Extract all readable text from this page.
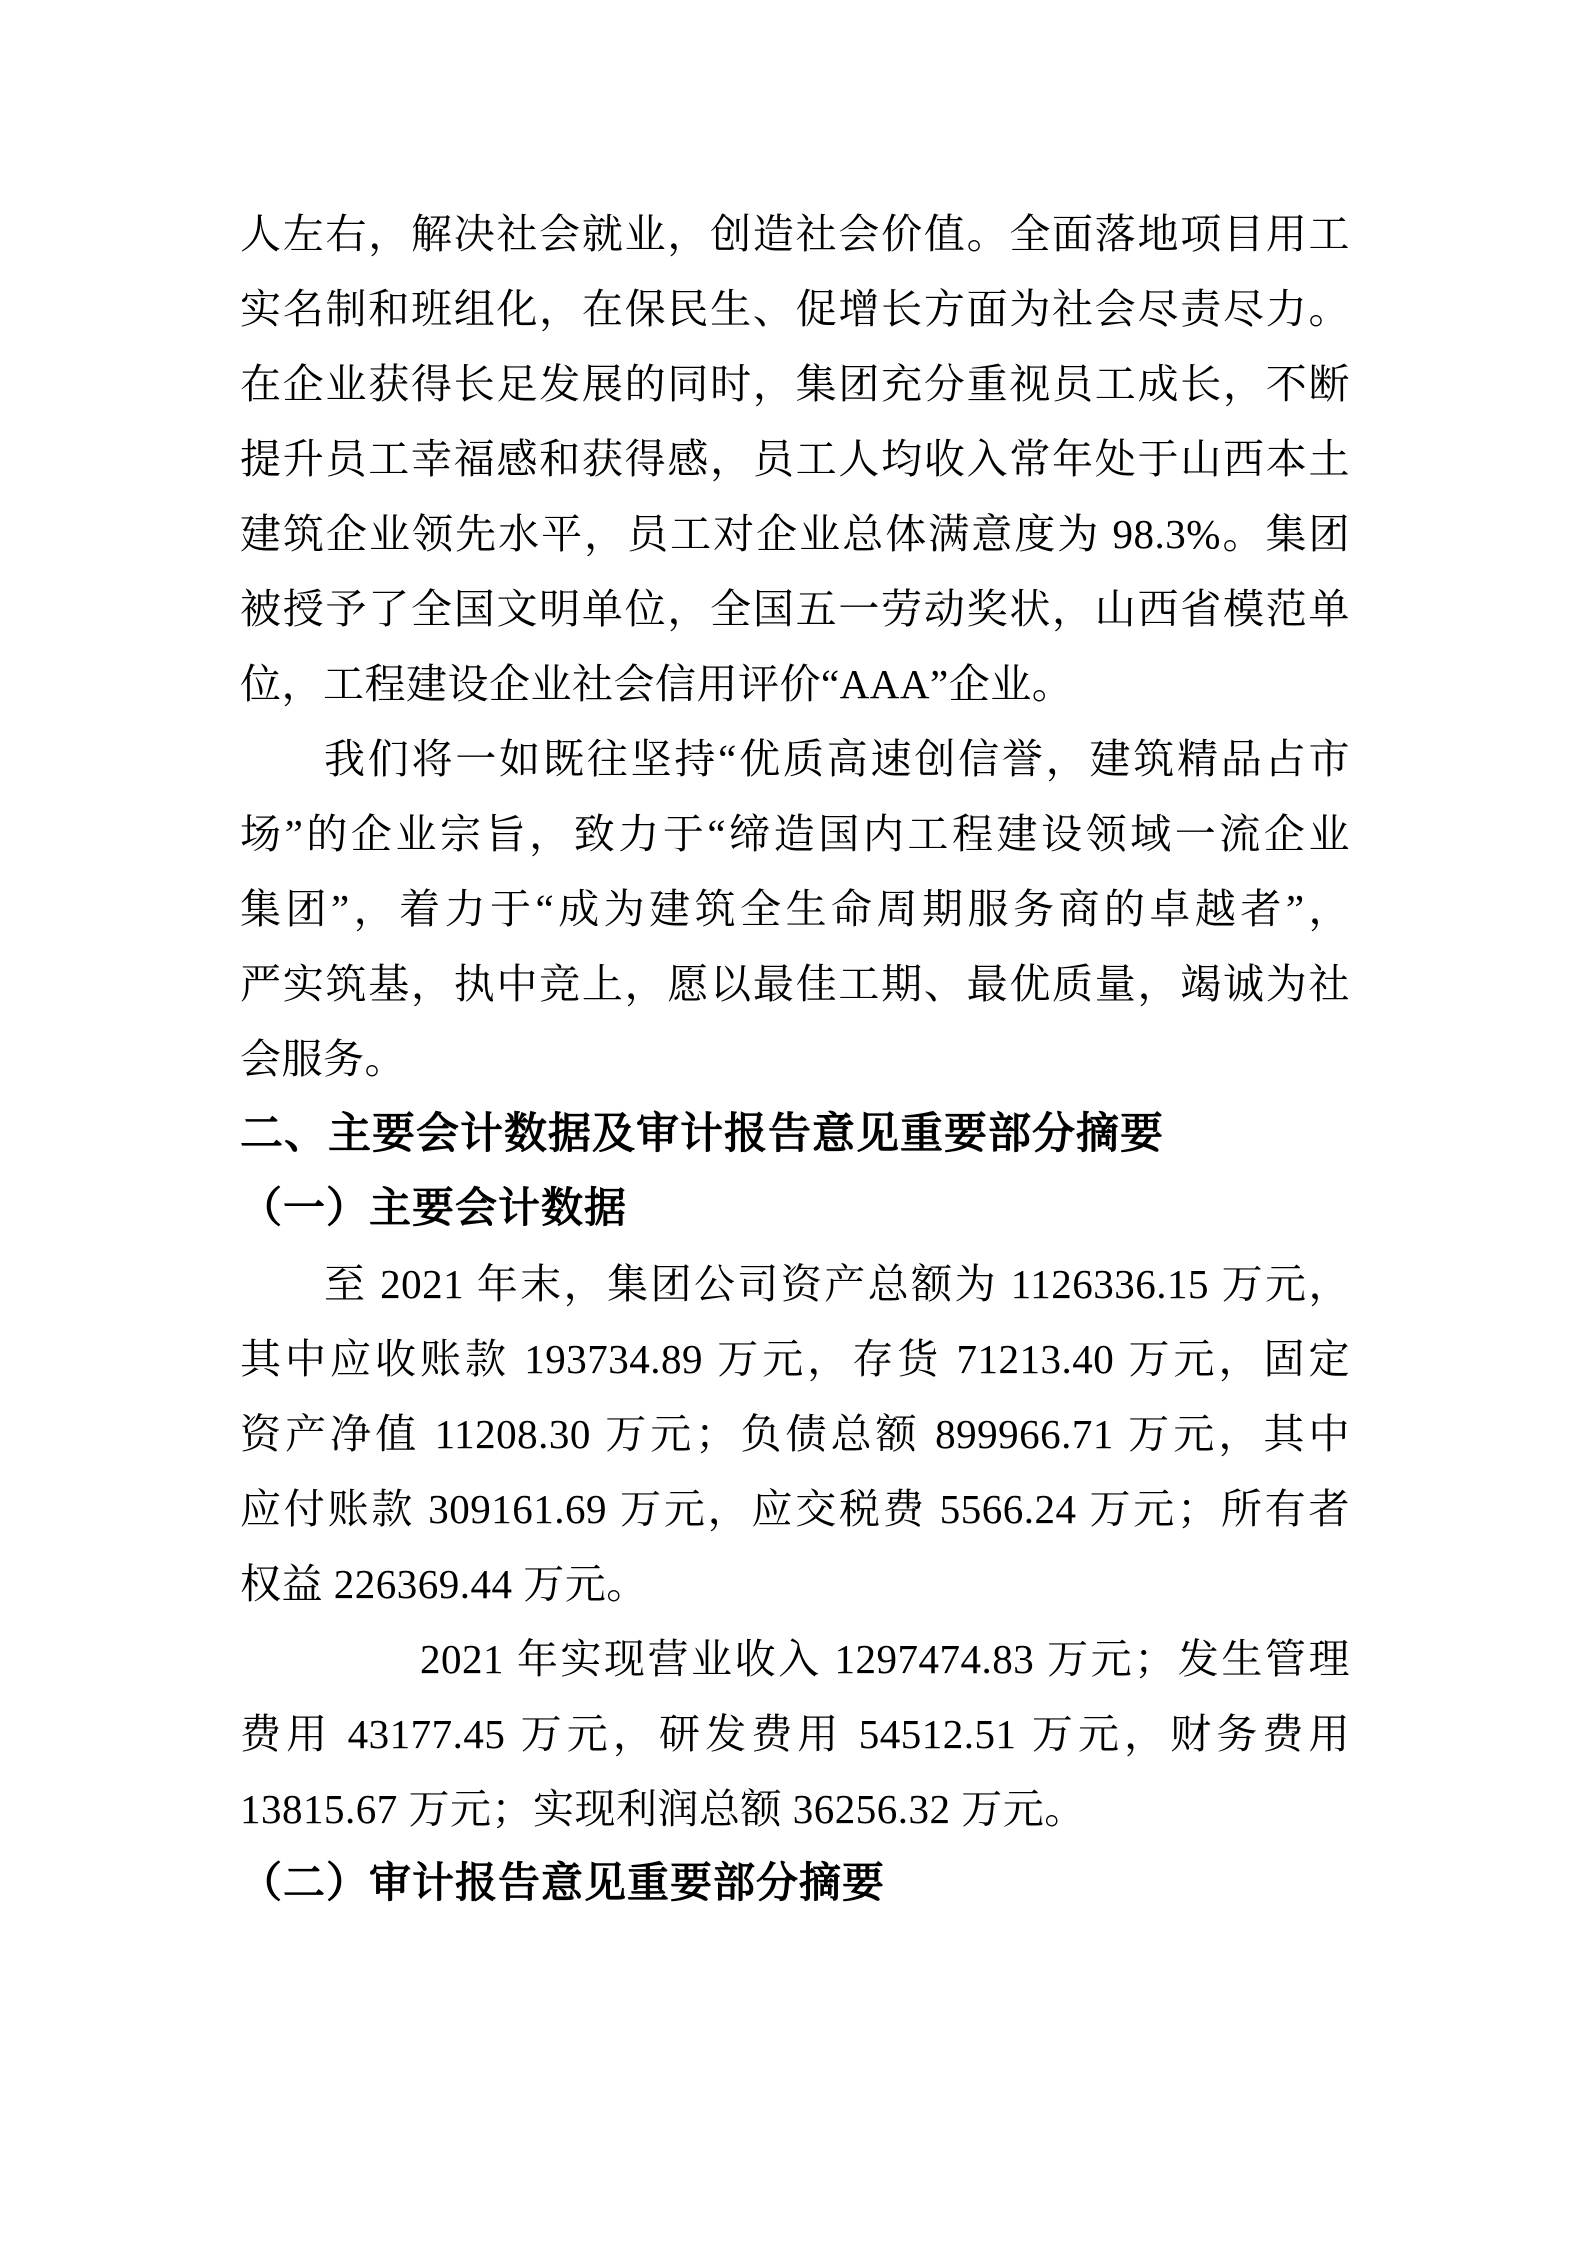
人左右，解决社会就业，创造社会价值。全面落地项目用工
实名制和班组化，在保民生、促增长方面为社会尽责尽力。
在企业获得长足发展的同时，集团充分重视员工成长，不断
提升员工幸福感和获得感，员工人均收入常年处于山西本土
建筑企业领先水平，员工对企业总体满意度为 98.3%。集团
被授予了全国文明单位，全国五一劳动奖状，山西省模范单
位，工程建设企业社会信用评价“AAA”企业。
我们将一如既往坚持“优质高速创信誉，建筑精品占市
场”的企业宗旨，致力于“缔造国内工程建设领域一流企业
集团”，着力于“成为建筑全生命周期服务商的卓越者”，
严实筑基，执中竞上，愿以最佳工期、最优质量，竭诚为社
会服务。
二、主要会计数据及审计报告意见重要部分摘要
（一）主要会计数据
至 2021 年末，集团公司资产总额为 1126336.15 万元，
其中应收账款 193734.89 万元，存货 71213.40 万元，固定
资产净值 11208.30 万元；负债总额 899966.71 万元，其中
应付账款 309161.69 万元，应交税费 5566.24 万元；所有者
权益 226369.44 万元。
2021 年实现营业收入 1297474.83 万元；发生管理
费用 43177.45 万元，研发费用 54512.51 万元，财务费用
13815.67 万元；实现利润总额 36256.32 万元。
（二）审计报告意见重要部分摘要
